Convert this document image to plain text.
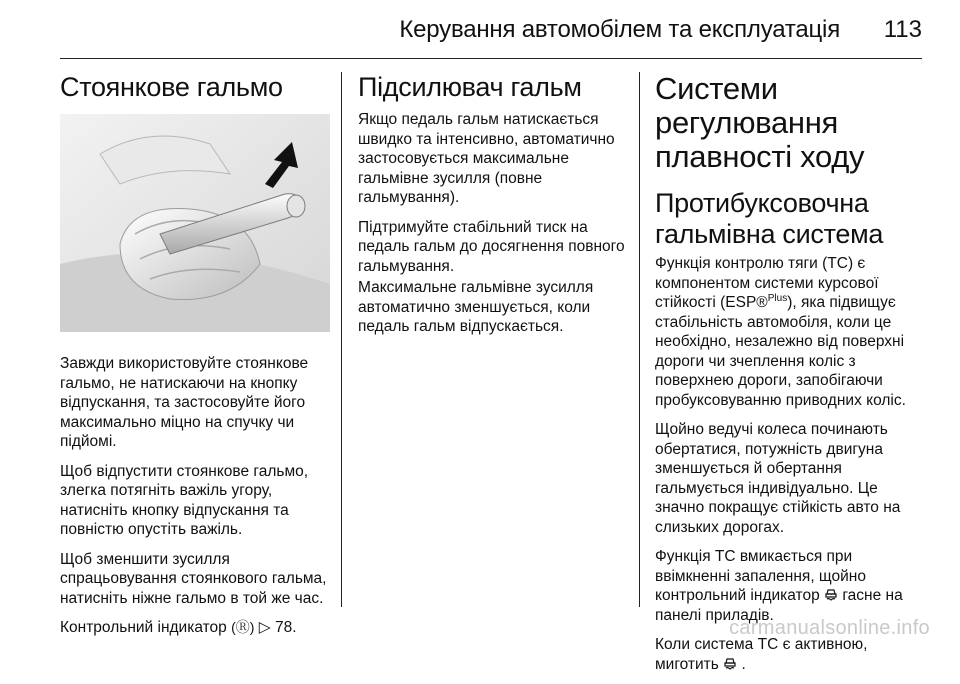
Керування автомобілем та експлуатація 113
Стоянкове гальмо

Завжди використовуйте стоянкове гальмо, не натискаючи на кнопку відпускання, та застосовуйте його максимально міцно на спучку чи підйомі.

Щоб відпустити стоянкове гальмо, злегка потягніть важіль угору, натисніть кнопку відпускання та повністю опустіть важіль.

Щоб зменшити зусилля спрацьовування стоянкового гальма, натисніть ніжне гальмо в той же час.

Контрольний індикатор (Ⓡ) ▷ 78.

Підсилювач гальм

Якщо педаль гальм натискається швидко та інтенсивно, автоматично застосовується максимальне гальмівне зусилля (повне гальмування).

Підтримуйте стабільний тиск на педаль гальм до досягнення повного гальмування.

Максимальне гальмівне зусилля автоматично зменшується, коли педаль гальм відпускається.

Системи регулювання плавності ходу
Протибуксовочна гальмівна система

Функція контролю тяги (TC) є компонентом системи курсової стійкості (ESP®$^{Plus}$), яка підвищує стабільність автомобіля, коли це необхідно, незалежно від поверхні дороги чи зчеплення коліс з поверхнею дороги, запобігаючи пробуксовуванню приводних коліс.

Щойно ведучі колеса починають обертатися, потужність двигуна зменшується й обертання гальмується індивідуально. Це значно покращує стійкість авто на слизьких дорогах.

Функція TC вмикається при ввімкненні запалення, щойно контрольний індикатор гасне на панелі приладів.

Коли система TC є активною, миготить .

carmanualsonline.info
